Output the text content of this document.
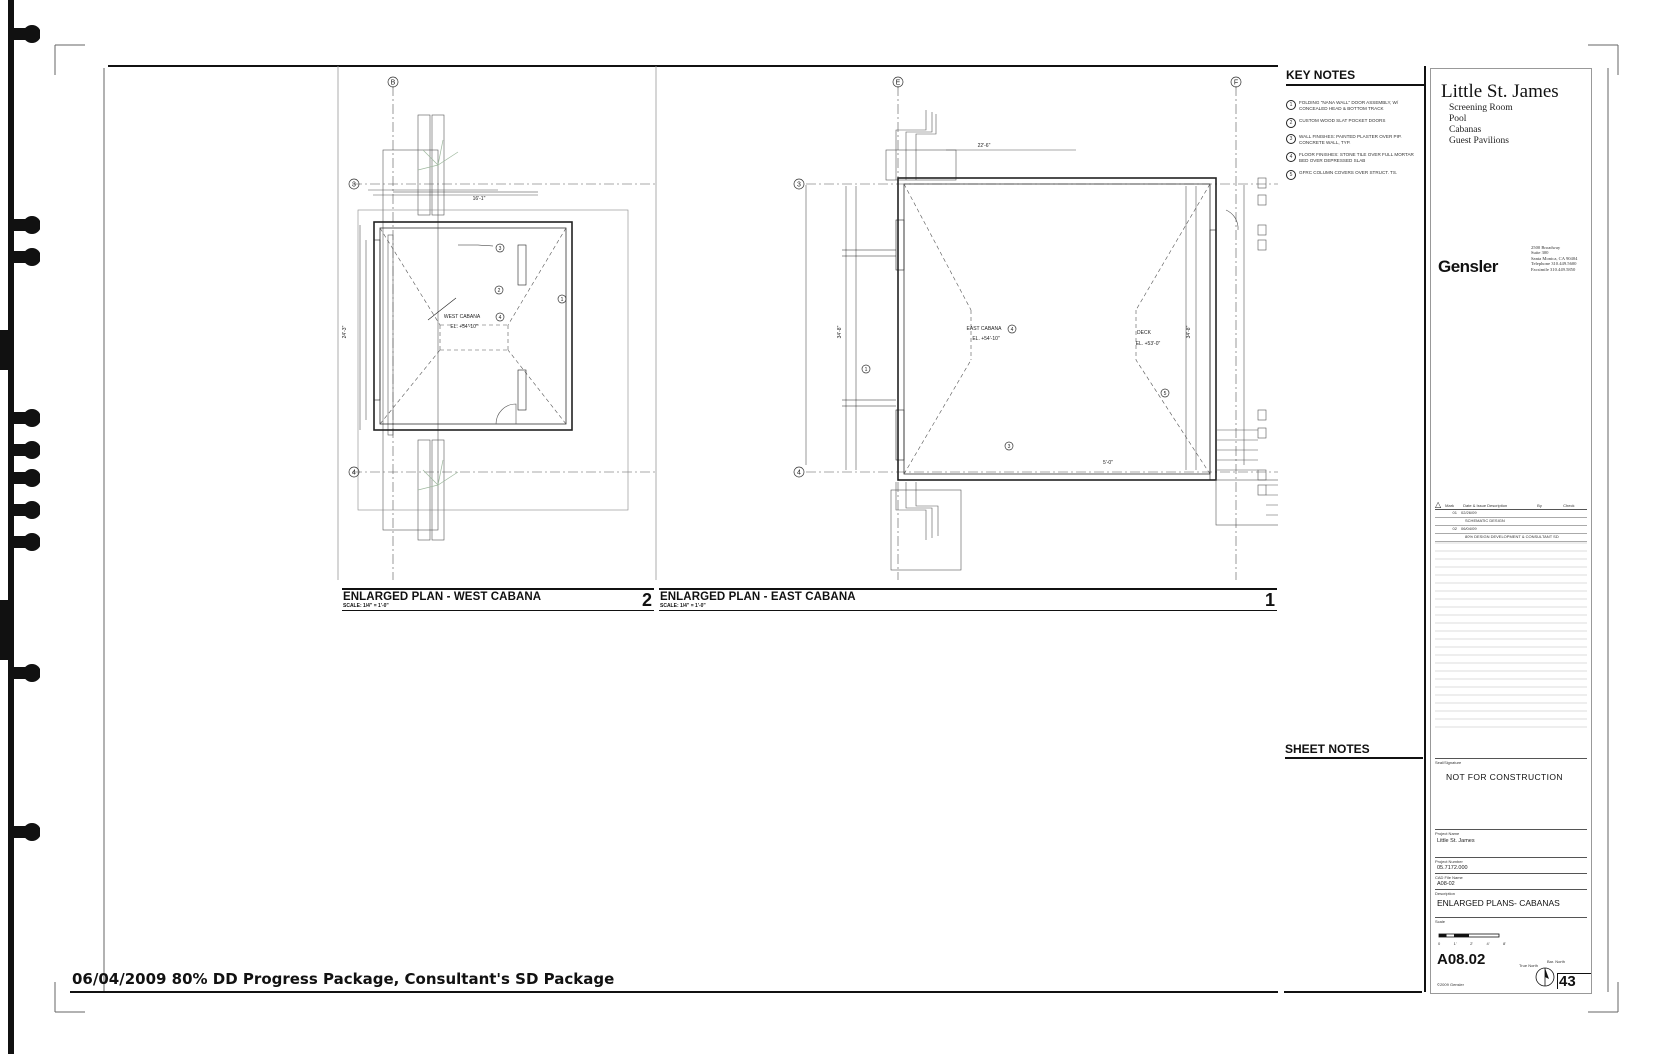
B
3
4
16'-1"
24'-3"
WEST CABANA
EL. +54'-10"
3
2
1
4
E	F
3
4
22'-6"
34'-8"	34'-8"
5'-0"
EAST CABANA
EL. +54'-10"
DECK
EL. +53'-0"
4
1
5
3
ENLARGED PLAN - WEST CABANA
SCALE: 1/4" = 1'-0"	2 ENLARGED PLAN - EAST CABANA
SCALE: 1/4" = 1'-0"	1
KEY NOTES
1	FOLDING "NANA WALL" DOOR ASSEMBLY, W/ CONCEALED HEAD & BOTTOM TRACK
2	CUSTOM WOOD SLAT POCKET DOORS
3	WALL FINISHES: PAINTED PLASTER OVER PIP. CONCRETE WALL, TYP.
4	FLOOR FINISHES: STONE TILE OVER FULL MORTAR BED OVER DEPRESSED SLAB
5	GFRC COLUMN COVERS OVER STRUCT. TS.
SHEET NOTES
Little St. James
Screening Room
Pool
Cabanas
Guest Pavilions
Gensler
2500 Broadway
Suite 300
Santa Monica, CA 90404
Telephone 310.449.5600
Facsimile 310.449.5850
△ Mark	Date & Issue Description	By	Check
01 02/26/09
SCHEMATIC DESIGN
02 06/04/09
80% DESIGN DEVELOPMENT & CONSULTANT SD
Seal/Signature
NOT FOR CONSTRUCTION
Project Name
Little St. James
Project Number
05.7172.000
CAD File Name
A08-02
Description
ENLARGED PLANS- CABANAS
Scale
0	1'	2'	4'	8'
A08.02
©2009 Gensler
True North
Bar. North
43
06/04/2009 80% DD Progress Package, Consultant's SD Package
